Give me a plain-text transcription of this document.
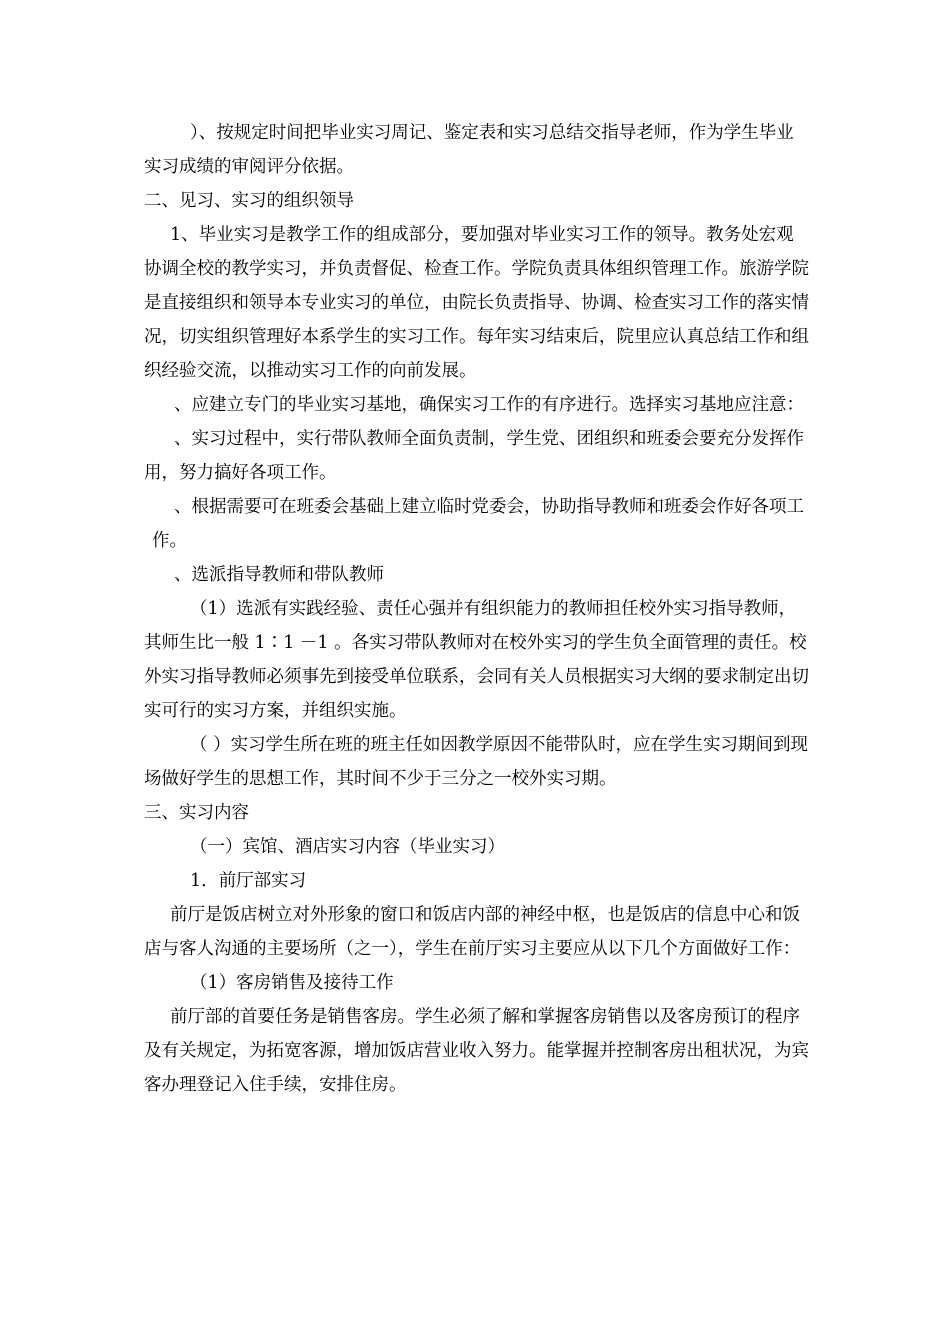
）、按规定时间把毕业实习周记、鉴定表和实习总结交指导老师，作为学生毕业实习成绩的审阅评分依据。

二、见习、实习的组织领导

1、毕业实习是教学工作的组成部分，要加强对毕业实习工作的领导。教务处宏观协调全校的教学实习，并负责督促、检查工作。学院负责具体组织管理工作。旅游学院是直接组织和领导本专业实习的单位，由院长负责指导、协调、检查实习工作的落实情况，切实组织管理好本系学生的实习工作。每年实习结束后，院里应认真总结工作和组织经验交流，以推动实习工作的向前发展。

、应建立专门的毕业实习基地，确保实习工作的有序进行。选择实习基地应注意：

、实习过程中，实行带队教师全面负责制，学生党、团组织和班委会要充分发挥作用，努力搞好各项工作。

、根据需要可在班委会基础上建立临时党委会，协助指导教师和班委会作好各项工作。

、选派指导教师和带队教师

（1）选派有实践经验、责任心强并有组织能力的教师担任校外实习指导教师，其师生比一般 1∶1 －1 。各实习带队教师对在校外实习的学生负全面管理的责任。校外实习指导教师必须事先到接受单位联系，会同有关人员根据实习大纲的要求制定出切实可行的实习方案，并组织实施。

（ ）实习学生所在班的班主任如因教学原因不能带队时，应在学生实习期间到现场做好学生的思想工作，其时间不少于三分之一校外实习期。

三、实习内容

（一）宾馆、酒店实习内容（毕业实习）

1．前厅部实习

前厅是饭店树立对外形象的窗口和饭店内部的神经中枢，也是饭店的信息中心和饭店与客人沟通的主要场所（之一），学生在前厅实习主要应从以下几个方面做好工作：

（1）客房销售及接待工作

前厅部的首要任务是销售客房。学生必须了解和掌握客房销售以及客房预订的程序及有关规定，为拓宽客源，增加饭店营业收入努力。能掌握并控制客房出租状况，为宾客办理登记入住手续，安排住房。
